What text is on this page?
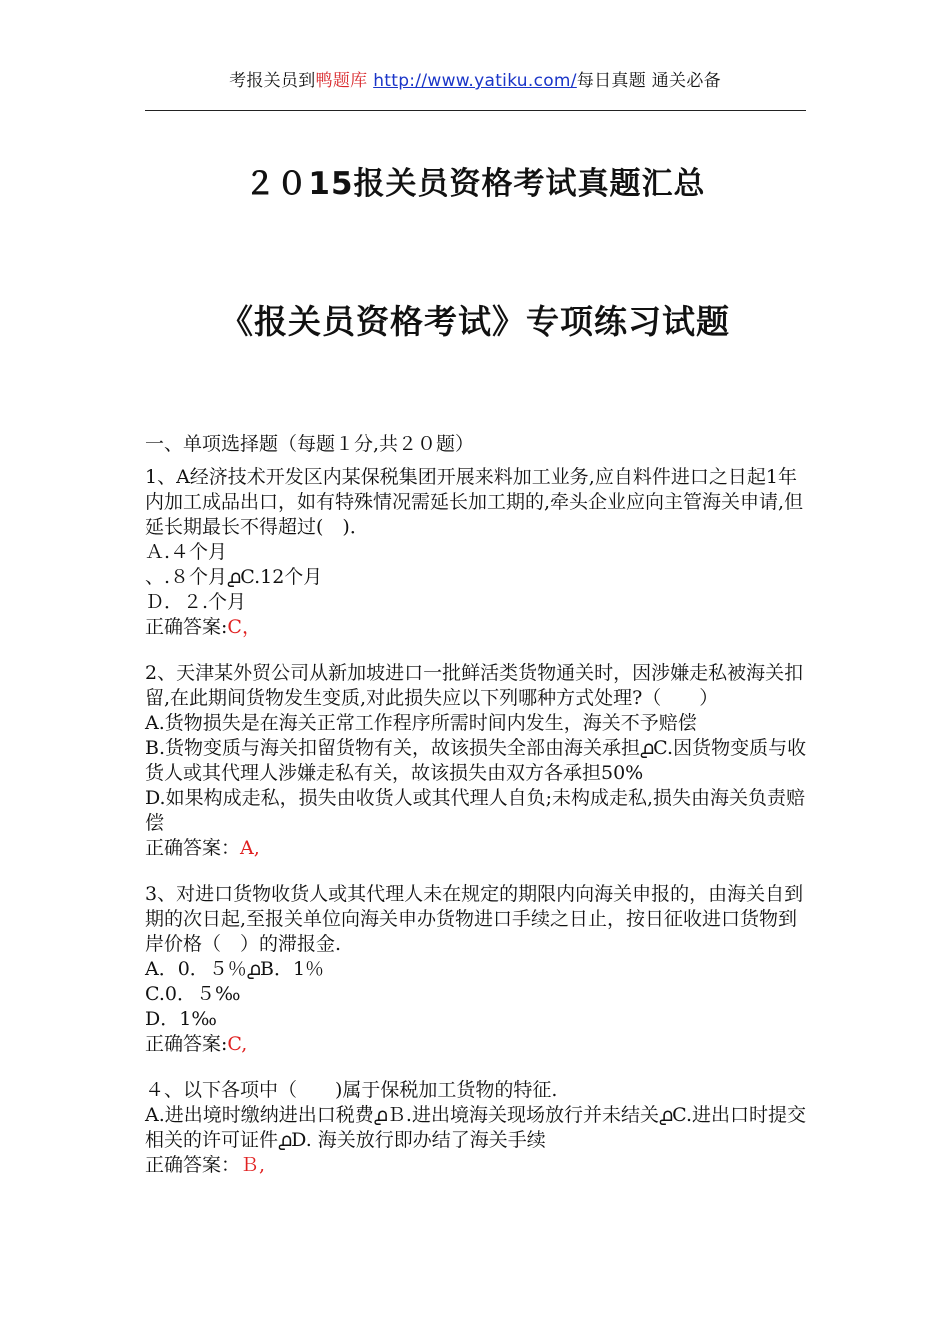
考报关员到鸭题库 http://www.yatiku.com/每日真题 通关必备
２０15报关员资格考试真题汇总
《报关员资格考试》专项练习试题

一、单项选择题（每题１分,共２０题）

1、A经济技术开发区内某保税集团开展来料加工业务,应自料件进口之日起1年内加工成品出口，如有特殊情况需延长加工期的,牵头企业应向主管海关申请,但延长期最长不得超过(　)．

Ａ.４个月

、.８个月൧C.12个月

Ｄ．２.个月

正确答案:C，

2、天津某外贸公司从新加坡进口一批鲜活类货物通关时，因涉嫌走私被海关扣留,在此期间货物发生变质,对此损失应以下列哪种方式处理?（　　）

A.货物损失是在海关正常工作程序所需时间内发生，海关不予赔偿

B.货物变质与海关扣留货物有关，故该损失全部由海关承担൧C.因货物变质与收货人或其代理人涉嫌走私有关，故该损失由双方各承担50%

D.如果构成走私，损失由收货人或其代理人自负;未构成走私,损失由海关负责赔偿

正确答案：A,

3、对进口货物收货人或其代理人未在规定的期限内向海关申报的，由海关自到期的次日起,至报关单位向海关申办货物进口手续之日止，按日征收进口货物到岸价格（　）的滞报金.

A．0．５％൧B．1％

C.0．５‰

D．1‰

正确答案:C,

４、以下各项中（　　)属于保税加工货物的特征.

A.进出境时缴纳进出口税费൧Ｂ.进出境海关现场放行并未结关൧C.进出口时提交相关的许可证件൧D. 海关放行即办结了海关手续

正确答案：Ｂ,
